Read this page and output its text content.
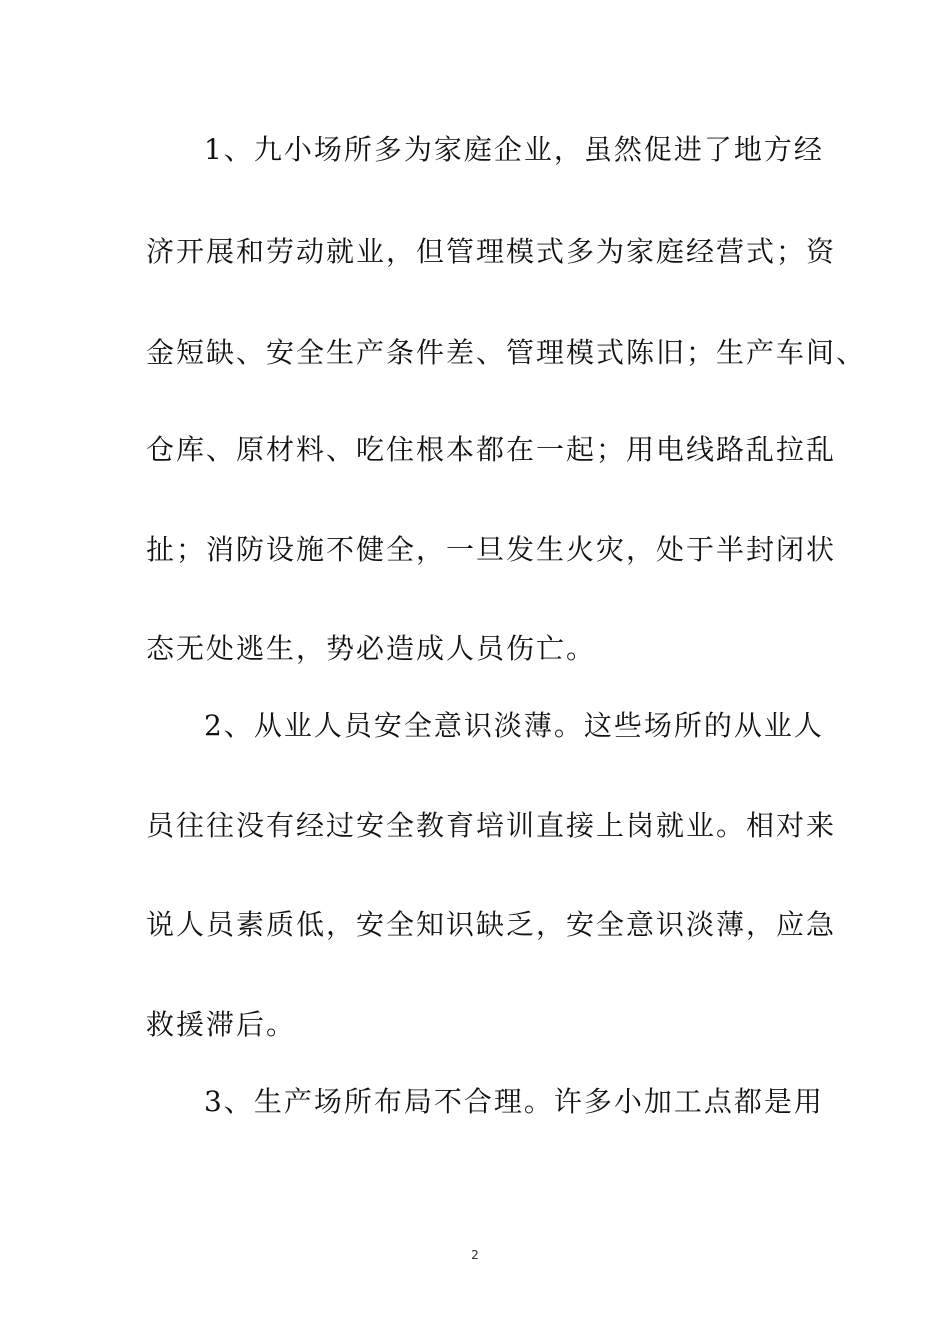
1、九小场所多为家庭企业，虽然促进了地方经
济开展和劳动就业，但管理模式多为家庭经营式；资
金短缺、安全生产条件差、管理模式陈旧；生产车间、
仓库、原材料、吃住根本都在一起；用电线路乱拉乱
扯；消防设施不健全，一旦发生火灾，处于半封闭状
态无处逃生，势必造成人员伤亡。
2、从业人员安全意识淡薄。这些场所的从业人
员往往没有经过安全教育培训直接上岗就业。相对来
说人员素质低，安全知识缺乏，安全意识淡薄，应急
救援滞后。
3、生产场所布局不合理。许多小加工点都是用
2
